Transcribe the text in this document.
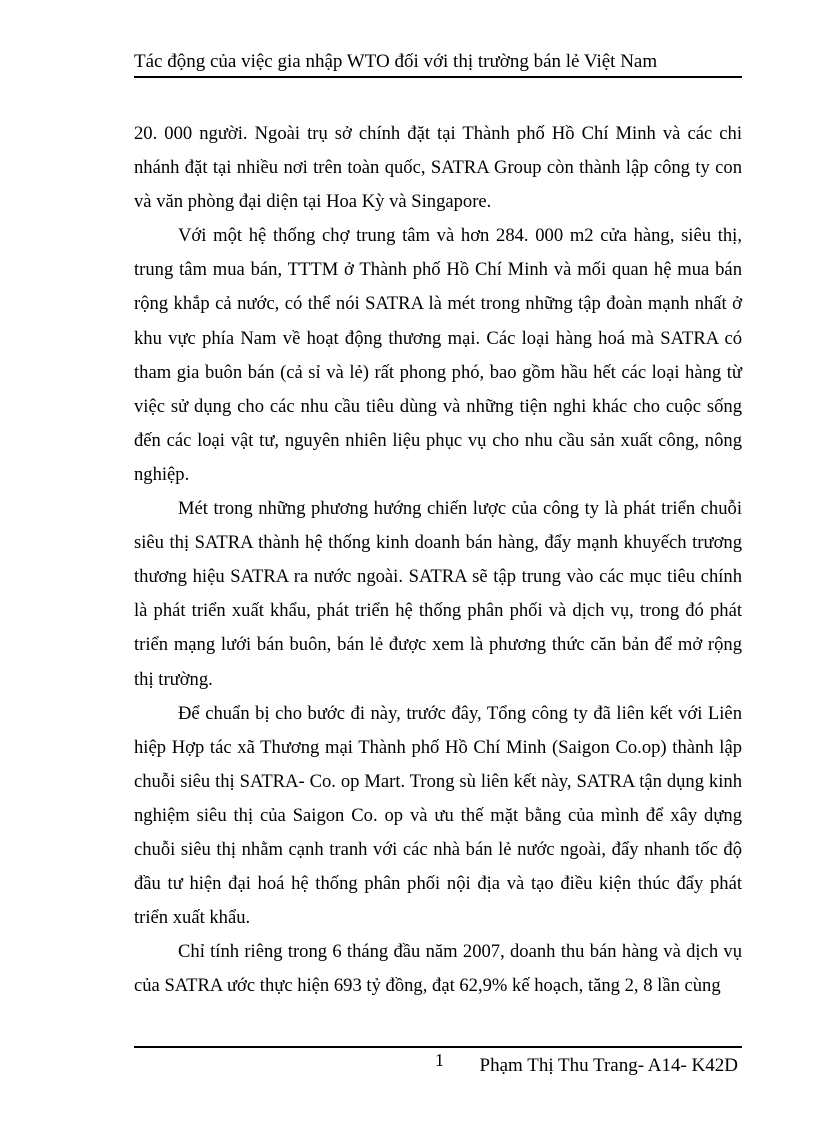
Tác động của việc gia nhập WTO đối với thị trường bán lẻ Việt Nam

20. 000 người. Ngoài trụ sở chính đặt tại Thành phố Hồ Chí Minh và các chi nhánh đặt tại nhiều nơi trên toàn quốc, SATRA Group còn thành lập công ty con và văn phòng đại diện tại Hoa Kỳ và Singapore.

Với một hệ thống chợ trung tâm và hơn 284. 000 m2 cửa hàng, siêu thị, trung tâm mua bán, TTTM ở Thành phố Hồ Chí Minh và mối quan hệ mua bán rộng khắp cả nước, có thể nói SATRA là mét trong những tập đoàn mạnh nhất ở khu vực phía Nam về hoạt động thương mại. Các loại hàng hoá mà SATRA có tham gia buôn bán (cả sỉ và lẻ) rất phong phó, bao gồm hầu hết các loại hàng từ việc sử dụng cho các nhu cầu tiêu dùng và những tiện nghi khác cho cuộc sống đến các loại vật tư, nguyên nhiên liệu phục vụ cho nhu cầu sản xuất công, nông nghiệp.

Mét trong những phương hướng chiến lược của công ty là phát triển chuỗi siêu thị SATRA thành hệ thống kinh doanh bán hàng, đẩy mạnh khuyếch trương thương hiệu SATRA ra nước ngoài. SATRA sẽ tập trung vào các mục tiêu chính là phát triển xuất khẩu, phát triển hệ thống phân phối và dịch vụ, trong đó phát triển mạng lưới bán buôn, bán lẻ được xem là phương thức căn bản để mở rộng thị trường.

Để chuẩn bị cho bước đi này, trước đây, Tổng công ty đã liên kết với Liên hiệp Hợp tác xã Thương mại Thành phố Hồ Chí Minh (Saigon Co.op) thành lập chuỗi siêu thị SATRA- Co. op Mart. Trong sù liên kết này, SATRA tận dụng kinh nghiệm siêu thị của Saigon Co. op và ưu thế mặt bằng của mình để xây dựng chuỗi siêu thị nhằm cạnh tranh với các nhà bán lẻ nước ngoài, đẩy nhanh tốc độ đầu tư hiện đại hoá hệ thống phân phối nội địa và tạo điều kiện thúc đẩy phát triển xuất khẩu.

Chỉ tính riêng trong 6 tháng đầu năm 2007, doanh thu bán hàng và dịch vụ của SATRA ước thực hiện 693 tỷ đồng, đạt 62,9% kế hoạch, tăng 2, 8 lần cùng

1 Phạm Thị Thu Trang- A14- K42D
